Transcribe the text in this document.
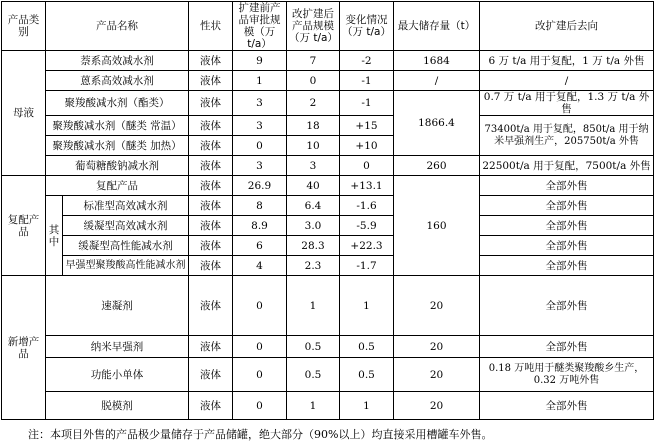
产品类别	产品名称		性状	扩建前产品审批规模（万 t/a）	改扩建后产品规模（万 t/a）	变化情况（万 t/a）	最大储存量（t）	改扩建后去向
母液	萘系高效减水剂		液体	9	7	-2	1684	6 万 t/a 用于复配，1 万 t/a 外售
	蒽系高效减水剂		液体	1	0	-1	/	/
	聚羧酸减水剂（酯类）		液体	3	2	-1	1866.4	0.7 万 t/a 用于复配，1.3 万 t/a 外售
	聚羧酸减水剂（醚类 常温）		液体	3	18	+15		73400t/a 用于复配，850t/a 用于纳米早强剂生产，205750t/a 外售
	聚羧酸减水剂（醚类 加热）		液体	0	10	+10		
	葡萄糖酸钠减水剂		液体	3	3	0	260	22500t/a 用于复配，7500t/a 外售
复配产品	复配产品		液体	26.9	40	+13.1	160	全部外售
	其中	标准型高效减水剂	液体	8	6.4	-1.6		全部外售
		缓凝型高效减水剂	液体	8.9	3.0	-5.9		全部外售
		缓凝型高性能减水剂	液体	6	28.3	+22.3		全部外售
		早强型聚羧酸高性能减水剂	液体	4	2.3	-1.7		全部外售
新增产品	速凝剂		液体	0	1	1	20	全部外售
	纳米早强剂		液体	0	0.5	0.5	20	全部外售
	功能小单体		液体	0	0.5	0.5	20	0.18 万吨用于醚类聚羧酸乡生产，0.32 万吨外售
	脱模剂		液体	0	1	1	20	全部外售
注：本项目外售的产品极少量储存于产品储罐，绝大部分（90%以上）均直接采用槽罐车外售。
